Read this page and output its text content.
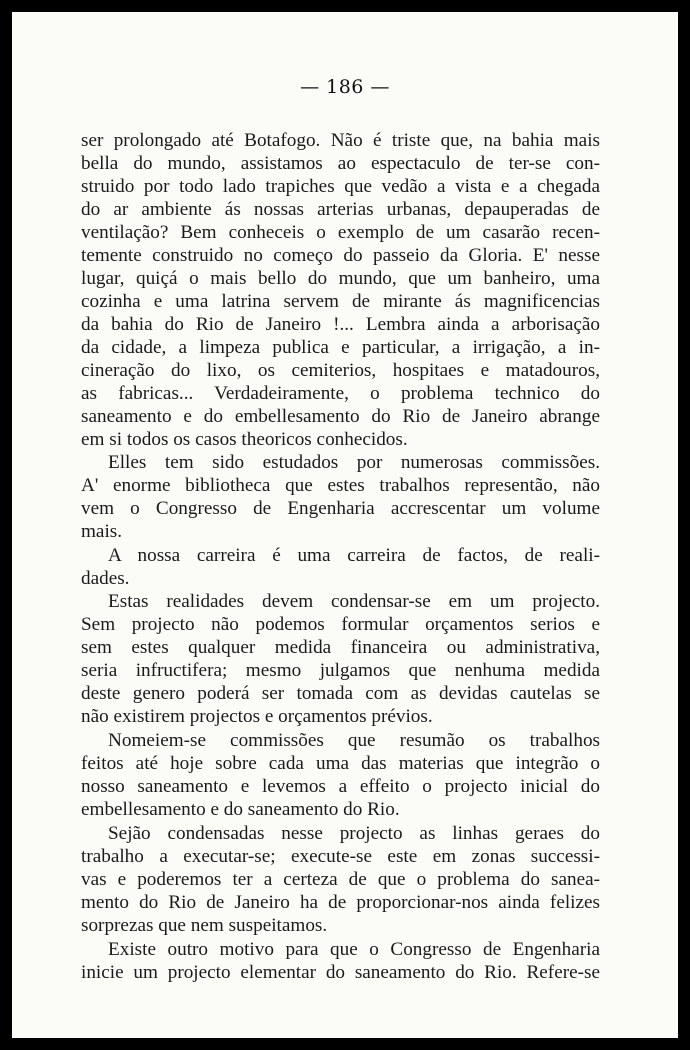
— 186 —
ser prolongado até Botafogo. Não é triste que, na bahia mais
bella do mundo, assistamos ao espectaculo de ter-se con-
struido por todo lado trapiches que vedão a vista e a chegada
do ar ambiente ás nossas arterias urbanas, depauperadas de
ventilação? Bem conheceis o exemplo de um casarão recen-
temente construido no começo do passeio da Gloria. E' nesse
lugar, quiçá o mais bello do mundo, que um banheiro, uma
cozinha e uma latrina servem de mirante ás magnificencias
da bahia do Rio de Janeiro !... Lembra ainda a arborisação
da cidade, a limpeza publica e particular, a irrigação, a in-
cineração do lixo, os cemiterios, hospitaes e matadouros,
as fabricas... Verdadeiramente, o problema technico do
saneamento e do embellesamento do Rio de Janeiro abrange
em si todos os casos theoricos conhecidos.
Elles tem sido estudados por numerosas commissões.
A' enorme bibliotheca que estes trabalhos representão, não
vem o Congresso de Engenharia accrescentar um volume
mais.
A nossa carreira é uma carreira de factos, de reali-
dades.
Estas realidades devem condensar-se em um projecto.
Sem projecto não podemos formular orçamentos serios e
sem estes qualquer medida financeira ou administrativa,
seria infructifera; mesmo julgamos que nenhuma medida
deste genero poderá ser tomada com as devidas cautelas se
não existirem projectos e orçamentos prévios.
Nomeiem-se commissões que resumão os trabalhos
feitos até hoje sobre cada uma das materias que integrão o
nosso saneamento e levemos a effeito o projecto inicial do
embellesamento e do saneamento do Rio.
Sejão condensadas nesse projecto as linhas geraes do
trabalho a executar-se; execute-se este em zonas successi-
vas e poderemos ter a certeza de que o problema do sanea-
mento do Rio de Janeiro ha de proporcionar-nos ainda felizes
sorprezas que nem suspeitamos.
Existe outro motivo para que o Congresso de Engenharia
inicie um projecto elementar do saneamento do Rio. Refere-se
